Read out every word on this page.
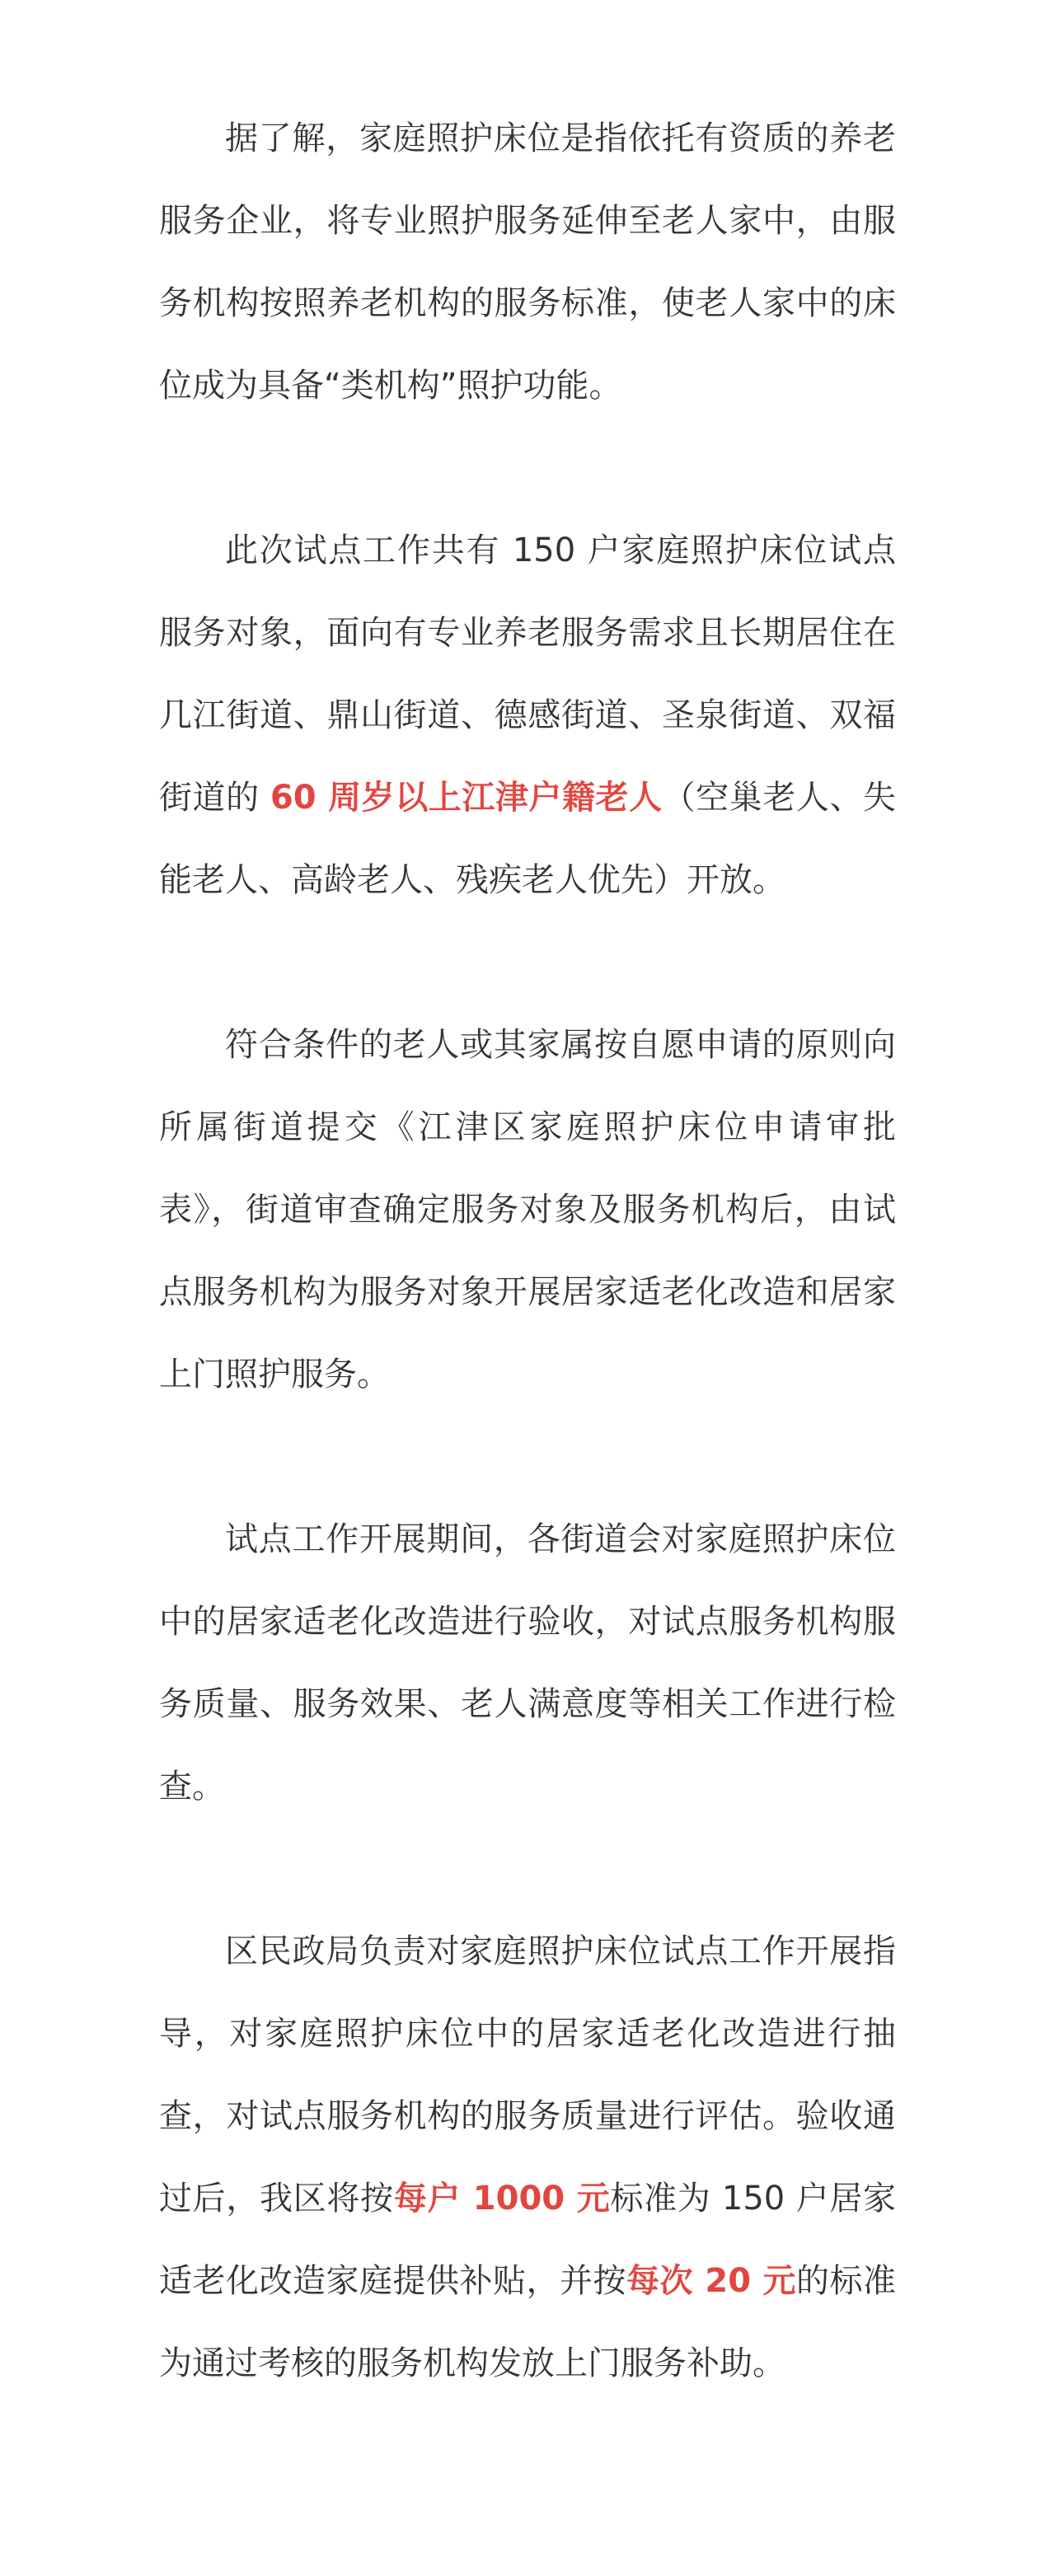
据了解，家庭照护床位是指依托有资质的养老服务企业，将专业照护服务延伸至老人家中，由服务机构按照养老机构的服务标准，使老人家中的床位成为具备“类机构”照护功能。

此次试点工作共有 150 户家庭照护床位试点服务对象，面向有专业养老服务需求且长期居住在几江街道、鼎山街道、德感街道、圣泉街道、双福街道的 60 周岁以上江津户籍老人（空巢老人、失能老人、高龄老人、残疾老人优先）开放。

符合条件的老人或其家属按自愿申请的原则向所属街道提交《江津区家庭照护床位申请审批表》，街道审查确定服务对象及服务机构后，由试点服务机构为服务对象开展居家适老化改造和居家上门照护服务。

试点工作开展期间，各街道会对家庭照护床位中的居家适老化改造进行验收，对试点服务机构服务质量、服务效果、老人满意度等相关工作进行检查。

区民政局负责对家庭照护床位试点工作开展指导，对家庭照护床位中的居家适老化改造进行抽查，对试点服务机构的服务质量进行评估。验收通过后，我区将按每户 1000 元标准为 150 户居家适老化改造家庭提供补贴，并按每次 20 元的标准为通过考核的服务机构发放上门服务补助。
